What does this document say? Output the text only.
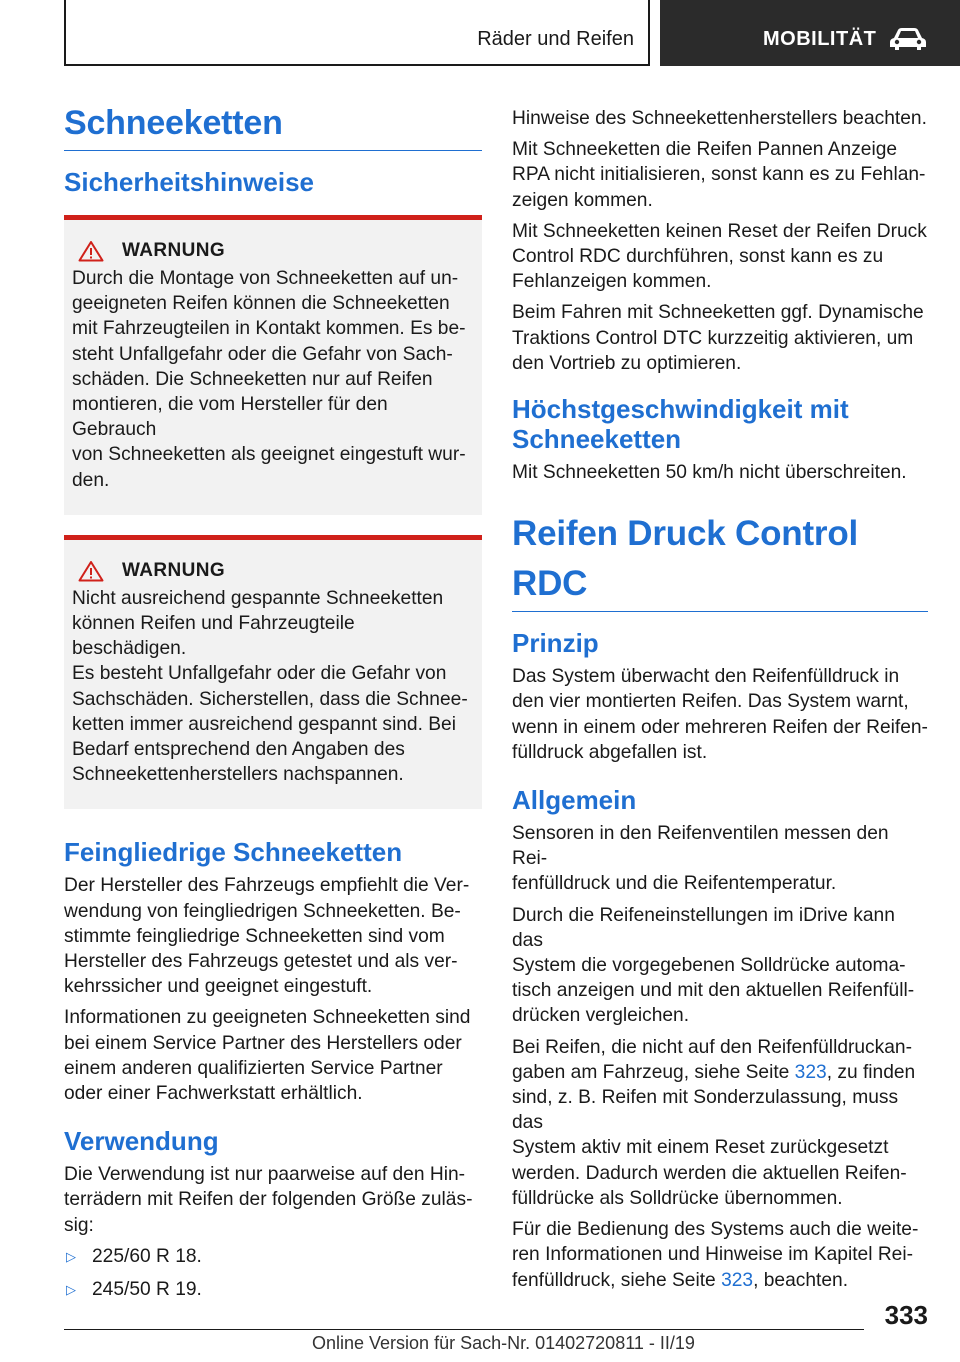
Räder und Reifen	MOBILITÄT
Schneeketten
Sicherheitshinweise
WARNUNG

Durch die Montage von Schneeketten auf un‐
geeigneten Reifen können die Schneeketten
mit Fahrzeugteilen in Kontakt kommen. Es be‐
steht Unfallgefahr oder die Gefahr von Sach‐
schäden. Die Schneeketten nur auf Reifen
montieren, die vom Hersteller für den Gebrauch
von Schneeketten als geeignet eingestuft wur‐
den.

WARNUNG

Nicht ausreichend gespannte Schneeketten
können Reifen und Fahrzeugteile beschädigen.
Es besteht Unfallgefahr oder die Gefahr von
Sachschäden. Sicherstellen, dass die Schnee‐
ketten immer ausreichend gespannt sind. Bei
Bedarf entsprechend den Angaben des
Schneekettenherstellers nachspannen.

Feingliedrige Schneeketten

Der Hersteller des Fahrzeugs empfiehlt die Ver‐
wendung von feingliedrigen Schneeketten. Be‐
stimmte feingliedrige Schneeketten sind vom
Hersteller des Fahrzeugs getestet und als ver‐
kehrssicher und geeignet eingestuft.

Informationen zu geeigneten Schneeketten sind
bei einem Service Partner des Herstellers oder
einem anderen qualifizierten Service Partner
oder einer Fachwerkstatt erhältlich.

Verwendung

Die Verwendung ist nur paarweise auf den Hin‐
terrädern mit Reifen der folgenden Größe zuläs‐
sig:

▷ 225/60 R 18.
▷ 245/50 R 19.

Hinweise des Schneekettenherstellers beachten.

Mit Schneeketten die Reifen Pannen Anzeige
RPA nicht initialisieren, sonst kann es zu Fehlan‐
zeigen kommen.

Mit Schneeketten keinen Reset der Reifen Druck
Control RDC durchführen, sonst kann es zu
Fehlanzeigen kommen.

Beim Fahren mit Schneeketten ggf. Dynamische
Traktions Control DTC kurzzeitig aktivieren, um
den Vortrieb zu optimieren.

Höchstgeschwindigkeit mit
Schneeketten

Mit Schneeketten 50 km/h nicht überschreiten.

Reifen Druck Control RDC
Prinzip

Das System überwacht den Reifenfülldruck in
den vier montierten Reifen. Das System warnt,
wenn in einem oder mehreren Reifen der Reifen‐
fülldruck abgefallen ist.

Allgemein

Sensoren in den Reifenventilen messen den Rei‐
fenfülldruck und die Reifentemperatur.

Durch die Reifeneinstellungen im iDrive kann das
System die vorgegebenen Solldrücke automa‐
tisch anzeigen und mit den aktuellen Reifenfüll‐
drücken vergleichen.

Bei Reifen, die nicht auf den Reifenfülldruckan‐
gaben am Fahrzeug, siehe Seite 323, zu finden
sind, z. B. Reifen mit Sonderzulassung, muss das
System aktiv mit einem Reset zurückgesetzt
werden. Dadurch werden die aktuellen Reifen‐
fülldrücke als Solldrücke übernommen.

Für die Bedienung des Systems auch die weite‐
ren Informationen und Hinweise im Kapitel Rei‐
fenfülldruck, siehe Seite 323, beachten.

333
Online Version für Sach-Nr. 01402720811 - II/19
